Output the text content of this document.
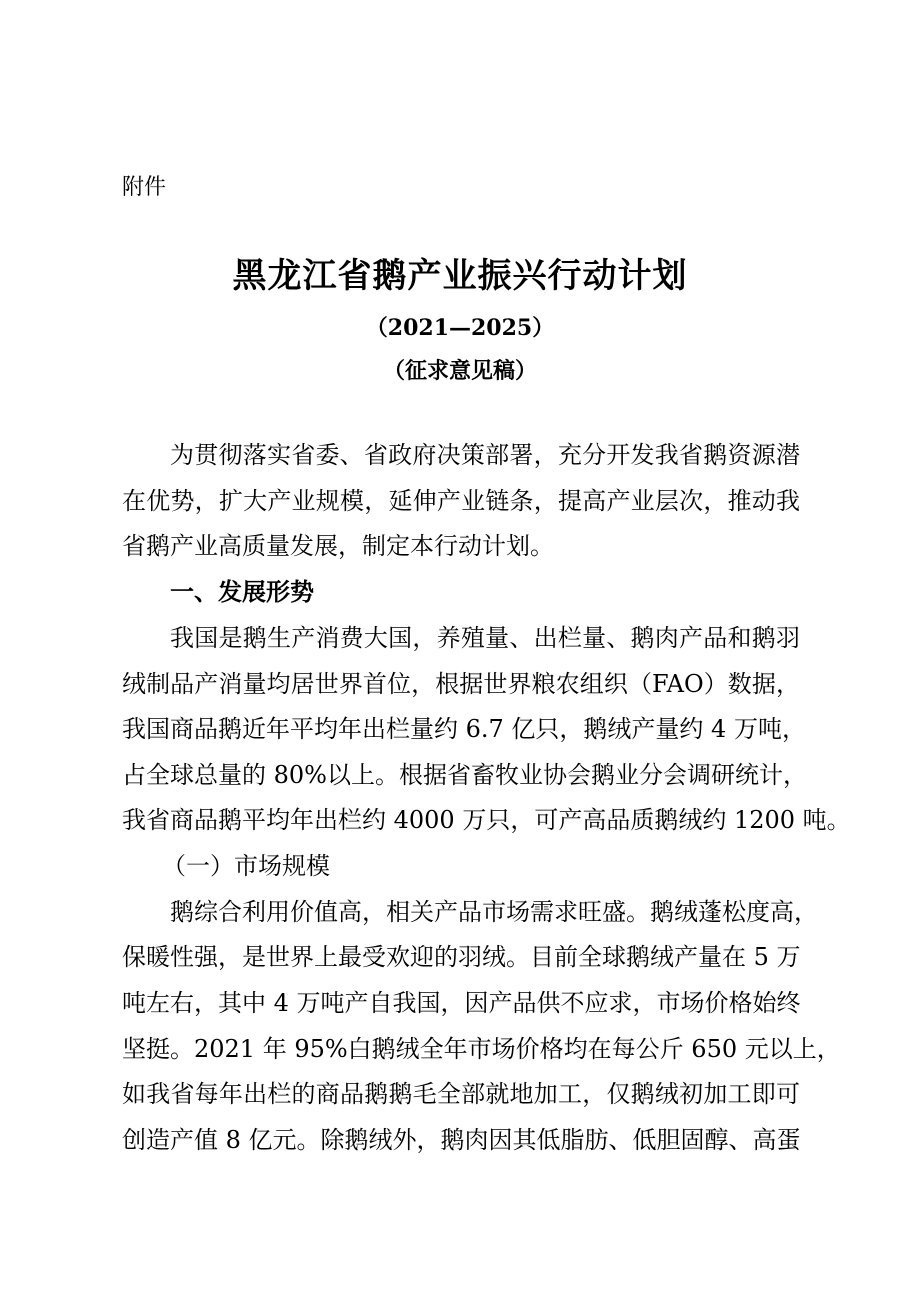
附件
黑龙江省鹅产业振兴行动计划
（2021—2025）
（征求意见稿）
为贯彻落实省委、省政府决策部署，充分开发我省鹅资源潜
在优势，扩大产业规模，延伸产业链条，提高产业层次，推动我
省鹅产业高质量发展，制定本行动计划。
一、发展形势
我国是鹅生产消费大国，养殖量、出栏量、鹅肉产品和鹅羽
绒制品产消量均居世界首位，根据世界粮农组织（FAO）数据，
我国商品鹅近年平均年出栏量约 6.7 亿只，鹅绒产量约 4 万吨，
占全球总量的 80%以上。根据省畜牧业协会鹅业分会调研统计，
我省商品鹅平均年出栏约 4000 万只，可产高品质鹅绒约 1200 吨。
（一）市场规模
鹅综合利用价值高，相关产品市场需求旺盛。鹅绒蓬松度高，
保暖性强，是世界上最受欢迎的羽绒。目前全球鹅绒产量在 5 万
吨左右，其中 4 万吨产自我国，因产品供不应求，市场价格始终
坚挺。2021 年 95%白鹅绒全年市场价格均在每公斤 650 元以上，
如我省每年出栏的商品鹅鹅毛全部就地加工，仅鹅绒初加工即可
创造产值 8 亿元。除鹅绒外，鹅肉因其低脂肪、低胆固醇、高蛋
